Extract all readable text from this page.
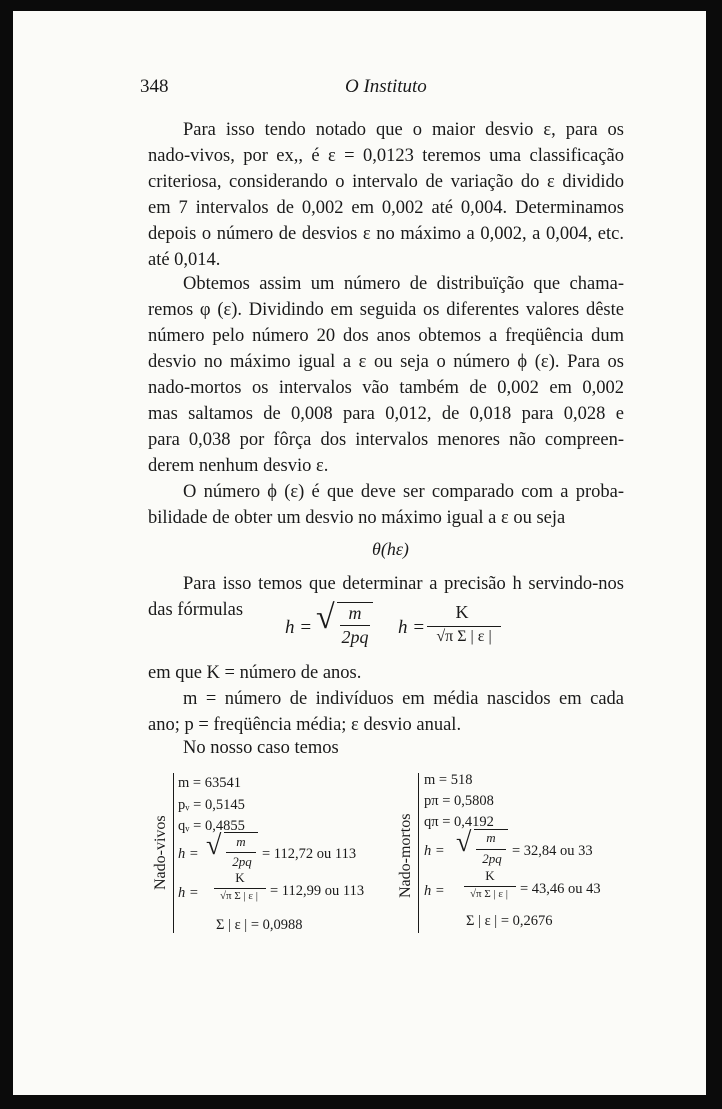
348	O Instituto
Para isso tendo notado que o maior desvio ε, para os
nado-vivos, por ex,, é ε = 0,0123 teremos uma classificação
criteriosa, considerando o intervalo de variação do ε dividido
em 7 intervalos de 0,002 em 0,002 até 0,004. Determinamos
depois o número de desvios ε no máximo a 0,002, a 0,004, etc.
até 0,014.
Obtemos assim um número de distribuïção que chama-
remos φ (ε). Dividindo em seguida os diferentes valores dêste
número pelo número 20 dos anos obtemos a freqüência dum
desvio no máximo igual a ε ou seja o número ϕ (ε). Para os
nado-mortos os intervalos vão também de 0,002 em 0,002
mas saltamos de 0,008 para 0,012, de 0,018 para 0,028 e
para 0,038 por fôrça dos intervalos menores não compreen-
derem nenhum desvio ε.
O número ϕ (ε) é que deve ser comparado com a proba-
bilidade de obter um desvio no máximo igual a ε ou seja
θ(hε)
Para isso temos que determinar a precisão h servindo-nos
das fórmulas
h = √ m
2pq h =
K
√π Σ | ε |
em que K = número de anos.
m = número de indivíduos em média nascidos em cada
ano; p = freqüência média; ε desvio anual.
No nosso caso temos
Nado-vivos
m = 63541
pᵥ = 0,5145
qᵥ = 0,4855
h = √	m
2pq = 112,72 ou 113
h =
K
√π Σ | ε | = 112,99 ou 113
Σ | ε | = 0,0988
Nado-mortos
m = 518
pπ = 0,5808
qπ = 0,4192
h = √	m
2pq = 32,84 ou 33
h =
K
√π Σ | ε | = 43,46 ou 43
Σ | ε | = 0,2676
